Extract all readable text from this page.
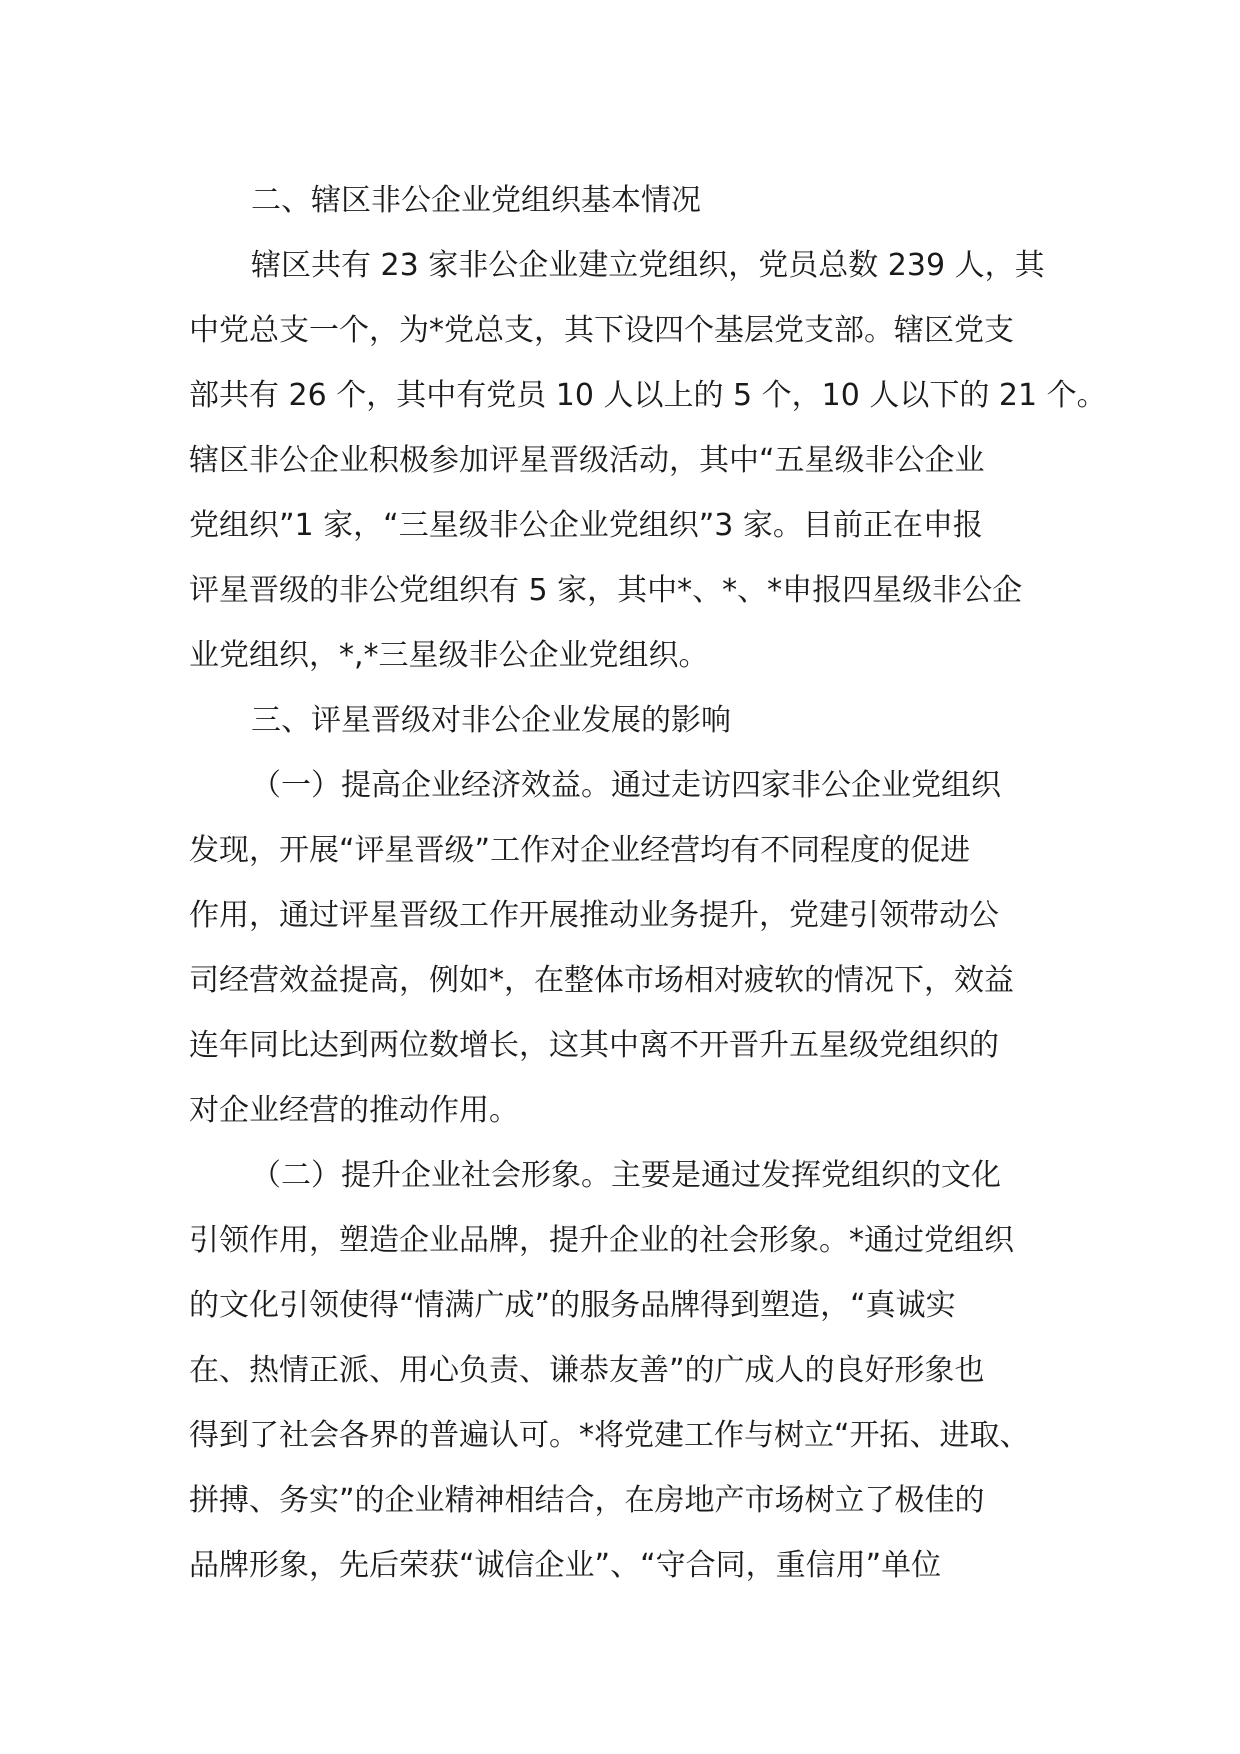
二、辖区非公企业党组织基本情况
辖区共有 23 家非公企业建立党组织，党员总数 239 人，其
中党总支一个，为*党总支，其下设四个基层党支部。辖区党支
部共有 26 个，其中有党员 10 人以上的 5 个，10 人以下的 21 个。
辖区非公企业积极参加评星晋级活动，其中“五星级非公企业
党组织”1 家，“三星级非公企业党组织”3 家。目前正在申报
评星晋级的非公党组织有 5 家，其中*、*、*申报四星级非公企
业党组织，*,*三星级非公企业党组织。
三、评星晋级对非公企业发展的影响
（一）提高企业经济效益。通过走访四家非公企业党组织
发现，开展“评星晋级”工作对企业经营均有不同程度的促进
作用，通过评星晋级工作开展推动业务提升，党建引领带动公
司经营效益提高，例如*，在整体市场相对疲软的情况下，效益
连年同比达到两位数增长，这其中离不开晋升五星级党组织的
对企业经营的推动作用。
（二）提升企业社会形象。主要是通过发挥党组织的文化
引领作用，塑造企业品牌，提升企业的社会形象。*通过党组织
的文化引领使得“情满广成”的服务品牌得到塑造，“真诚实
在、热情正派、用心负责、谦恭友善”的广成人的良好形象也
得到了社会各界的普遍认可。*将党建工作与树立“开拓、进取、
拼搏、务实”的企业精神相结合，在房地产市场树立了极佳的
品牌形象，先后荣获“诚信企业”、“守合同，重信用”单位
